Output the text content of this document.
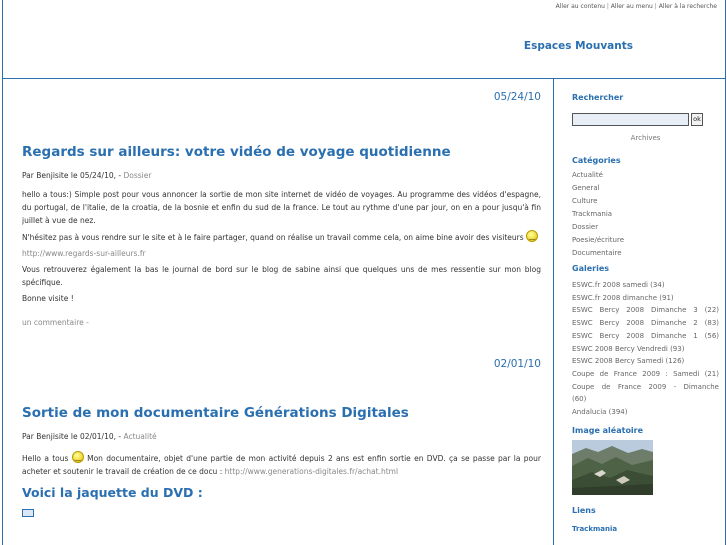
Aller au contenu | Aller au menu | Aller à la recherche
Espaces Mouvants
05/24/10
Regards sur ailleurs: votre vidéo de voyage quotidienne
Par Benjisite le 05/24/10, - Dossier

hello a tous:) Simple post pour vous annoncer la sortie de mon site internet de vidéo de voyages. Au programme des vidéos d'espagne, du portugal, de l'italie, de la croatia, de la bosnie et enfin du sud de la france. Le tout au rythme d'une par jour, on en a pour jusqu'à fin juillet à vue de nez.

N'hésitez pas à vous rendre sur le site et à le faire partager, quand on réalise un travail comme cela, on aime bine avoir des visiteurs ‿

http://www.regards-sur-ailleurs.fr

Vous retrouverez également la bas le journal de bord sur le blog de sabine ainsi que quelques uns de mes ressentie sur mon blog spécifique.

Bonne visite !

un commentaire -
02/01/10
Sortie de mon documentaire Générations Digitales
Par Benjisite le 02/01/10, - Actualité

Hello a tous ‿ Mon documentaire, objet d'une partie de mon activité depuis 2 ans est enfin sortie en DVD. ça se passe par la pour acheter et soutenir le travail de création de ce docu : http://www.generations-digitales.fr/achat.html

Voici la jaquette du DVD :
Rechercher
ok
Archives
Catégories
Actualité
General
Culture
Trackmania
Dossier
Poesie/écriture
Documentaire
Galeries
ESWC.fr 2008 samedi (34)
ESWC.fr 2008 dimanche (91)
ESWC Bercy 2008 Dimanche 3 (22)
ESWC Bercy 2008 Dimanche 2 (83)
ESWC Bercy 2008 Dimanche 1 (56)
ESWC 2008 Bercy Vendredi (93)
ESWC 2008 Bercy Samedi (126)
Coupe de France 2009 : Samedi (21)
Coupe de France 2009 - Dimanche
(60)
Andalucia (394)
Image aléatoire
Liens
Trackmania
